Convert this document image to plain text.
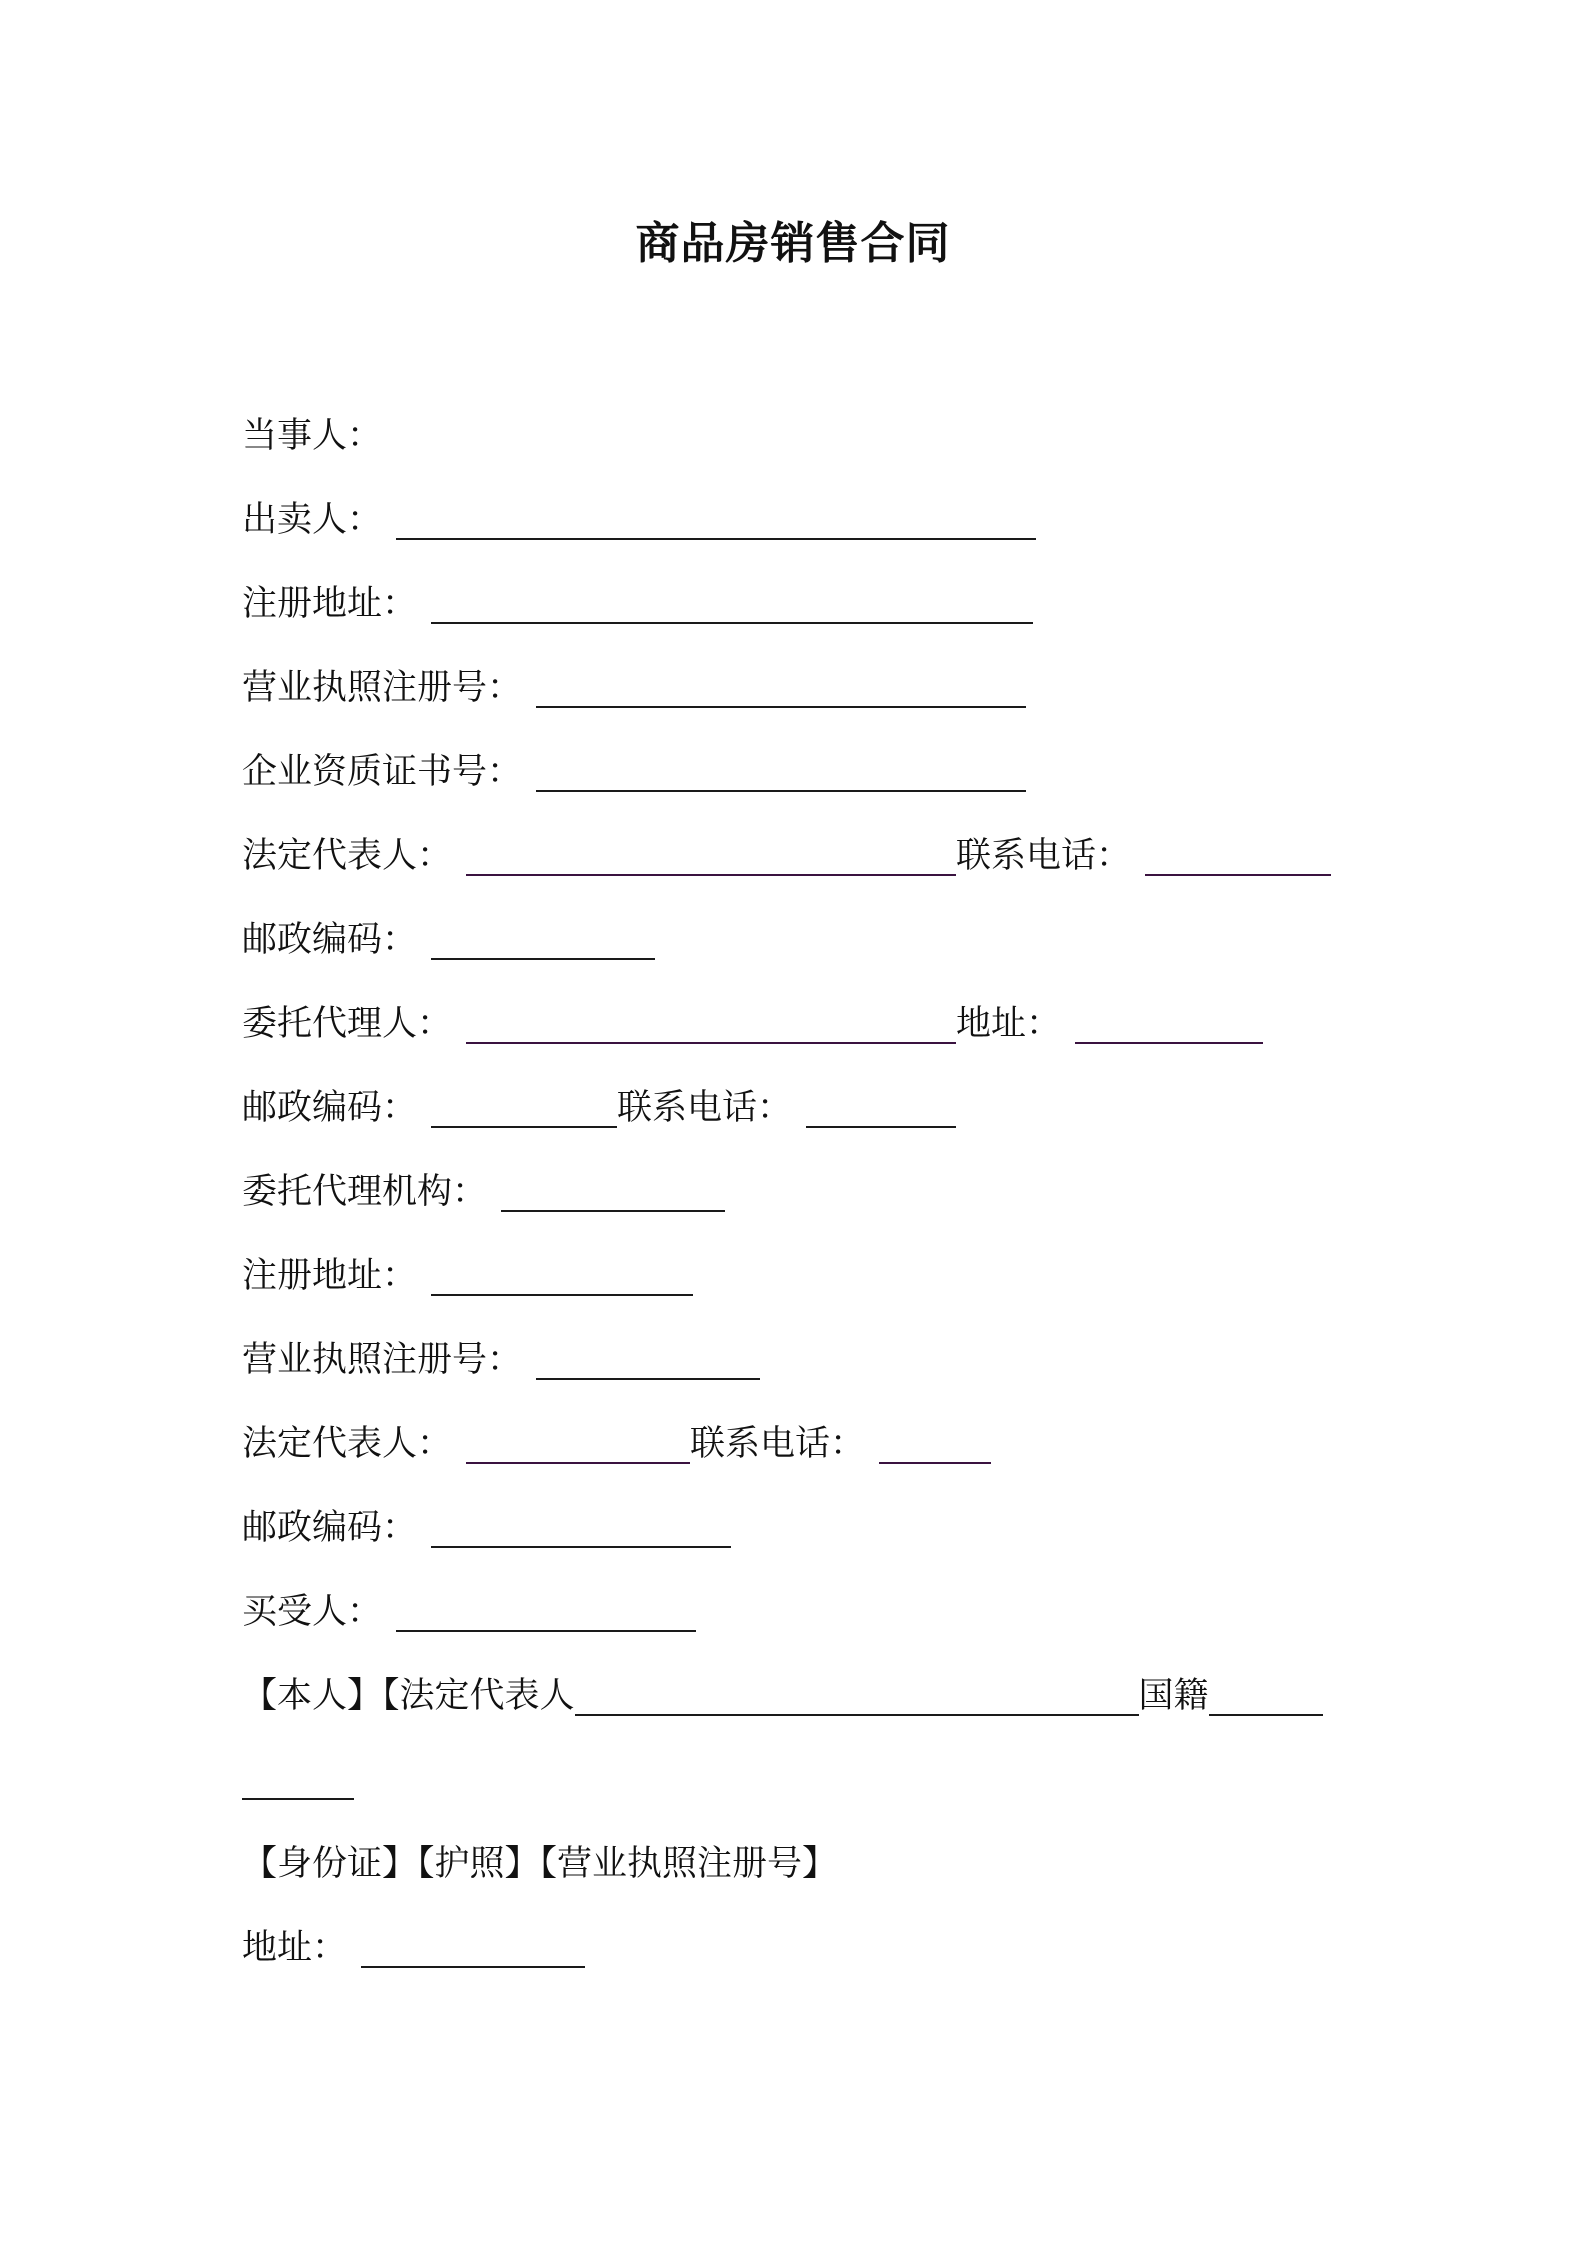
商品房销售合同
当事人：
出卖人：
注册地址：
营业执照注册号：
企业资质证书号：
法定代表人：	联系电话：
邮政编码：
委托代理人：	地址：
邮政编码：	联系电话：
委托代理机构：
注册地址：
营业执照注册号：
法定代表人：	联系电话：
邮政编码：
买受人：
【本人】【法定代表人	国籍
【身份证】【护照】【营业执照注册号】
地址：
